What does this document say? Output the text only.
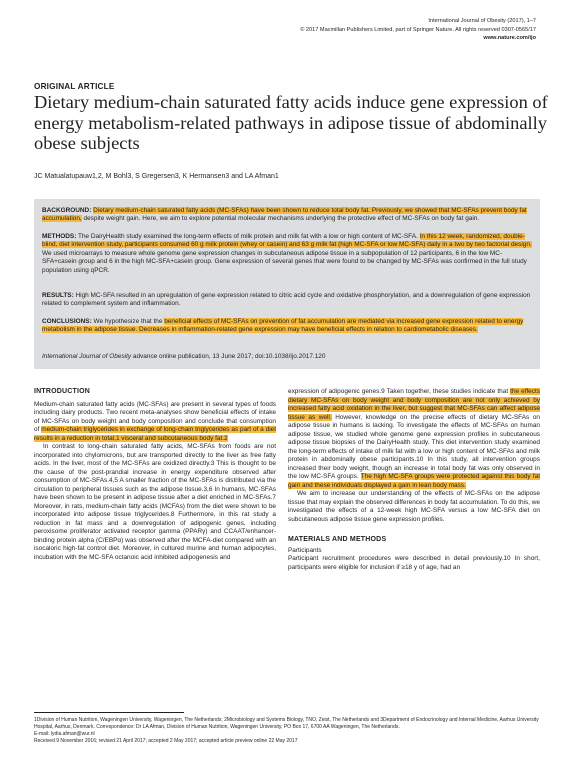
International Journal of Obesity (2017), 1–7
© 2017 Macmillan Publishers Limited, part of Springer Nature. All rights reserved 0307-0565/17
www.nature.com/ijo
ORIGINAL ARTICLE
Dietary medium-chain saturated fatty acids induce gene expression of energy metabolism-related pathways in adipose tissue of abdominally obese subjects
JC Matualatupauw1,2, M Bohl3, S Gregersen3, K Hermansen3 and LA Afman1

BACKGROUND: Dietary medium-chain saturated fatty acids (MC-SFAs) have been shown to reduce total body fat. Previously, we showed that MC-SFAs prevent body fat accumulation, despite weight gain. Here, we aim to explore potential molecular mechanisms underlying the protective effect of MC-SFAs on body fat gain.

METHODS: The DairyHealth study examined the long-term effects of milk protein and milk fat with a low or high content of MC-SFA. In this 12 week, randomized, double-blind, diet intervention study, participants consumed 60 g milk protein (whey or casein) and 63 g milk fat (high MC-SFA or low MC-SFA) daily in a two by two factorial design. We used microarrays to measure whole genome gene expression changes in subcutaneous adipose tissue in a subpopulation of 12 participants, 6 in the low MC-SFA+casein group and 6 in the high MC-SFA+casein group. Gene expression of several genes that were found to be changed by MC-SFAs was confirmed in the full study population using qPCR.

RESULTS: High MC-SFA resulted in an upregulation of gene expression related to citric acid cycle and oxidative phosphorylation, and a downregulation of gene expression related to complement system and inflammation.

CONCLUSIONS: We hypothesize that the beneficial effects of MC-SFAs on prevention of fat accumulation are mediated via increased gene expression related to energy metabolism in the adipose tissue. Decreases in inflammation-related gene expression may have beneficial effects in relation to cardiometabolic diseases.

International Journal of Obesity advance online publication, 13 June 2017; doi:10.1038/ijo.2017.120

INTRODUCTION

Medium-chain saturated fatty acids (MC-SFAs) are present in several types of foods including dairy products. Two recent meta-analyses show beneficial effects of intake of MC-SFAs on body weight and body composition and conclude that consumption of medium-chain triglycerides in exchange of long-chain triglycerides as part of a diet results in a reduction in total,1 visceral and subcutaneous body fat.2

In contrast to long-chain saturated fatty acids, MC-SFAs from foods are not incorporated into chylomicrons, but are transported directly to the liver as free fatty acids. In the liver, most of the MC-SFAs are oxidized directly.3 This is thought to be the cause of the post-prandial increase in energy expenditure observed after consumption of MC-SFAs.4,5 A smaller fraction of the MC-SFAs is distributed via the circulation to peripheral tissues such as the adipose tissue.3,6 In humans, MC-SFAs have been shown to be present in adipose tissue after a diet enriched in MC-SFAs.7 Moreover, in rats, medium-chain fatty acids (MCFAs) from the diet were shown to be incorporated into adipose tissue triglycerides.8 Furthermore, in this rat study a reduction in fat mass and a downregulation of adipogenic genes, including peroxisome proliferator activated receptor gamma (PPARγ) and CCAAT/enhancer-binding protein alpha (C/EBPα) was observed after the MCFA-diet compared with an isocaloric high-fat control diet. Moreover, in cultured murine and human adipocytes, incubation with the MC-SFA octanoic acid inhibited adipogenesis and

expression of adipogenic genes.9 Taken together, these studies indicate that the effects dietary MC-SFAs on body weight and body composition are not only achieved by increased fatty acid oxidation in the liver, but suggest that MC-SFAs can affect adipose tissue as well. However, knowledge on the precise effects of dietary MC-SFAs on adipose tissue in humans is lacking. To investigate the effects of MC-SFAs on human adipose tissue, we studied whole genome gene expression profiles in subcutaneous adipose tissue biopsies of the DairyHealth study. This diet intervention study examined the long-term effects of intake of milk fat with a low or high content of MC-SFAs and milk protein in abdominally obese participants.10 In this study, all intervention groups increased their body weight, though an increase in total body fat was only observed in the low MC-SFA groups. The high MC-SFA groups were protected against this body fat gain and these individuals displayed a gain in lean body mass.

We aim to increase our understanding of the effects of MC-SFAs on the adipose tissue that may explain the observed differences in body fat accumulation. To do this, we investigated the effects of a 12-week high MC-SFA versus a low MC-SFA diet on subcutaneous adipose tissue gene expression profiles.

MATERIALS AND METHODS
Participants

Participant recruitment procedures were described in detail previously.10 In short, participants were eligible for inclusion if ≥18 y of age, had an

1Division of Human Nutrition, Wageningen University, Wageningen, The Netherlands; 2Microbiology and Systems Biology, TNO, Zeist, The Netherlands and 3Department of Endocrinology and Internal Medicine, Aarhus University Hospital, Aarhus, Denmark. Correspondence: Dr LA Afman, Division of Human Nutrition, Wageningen University, PO Box 17, 6700 AA Wageningen, The Netherlands.
E-mail: lydia.afman@wur.nl
Received 9 November 2016; revised 21 April 2017; accepted 2 May 2017; accepted article preview online 22 May 2017
